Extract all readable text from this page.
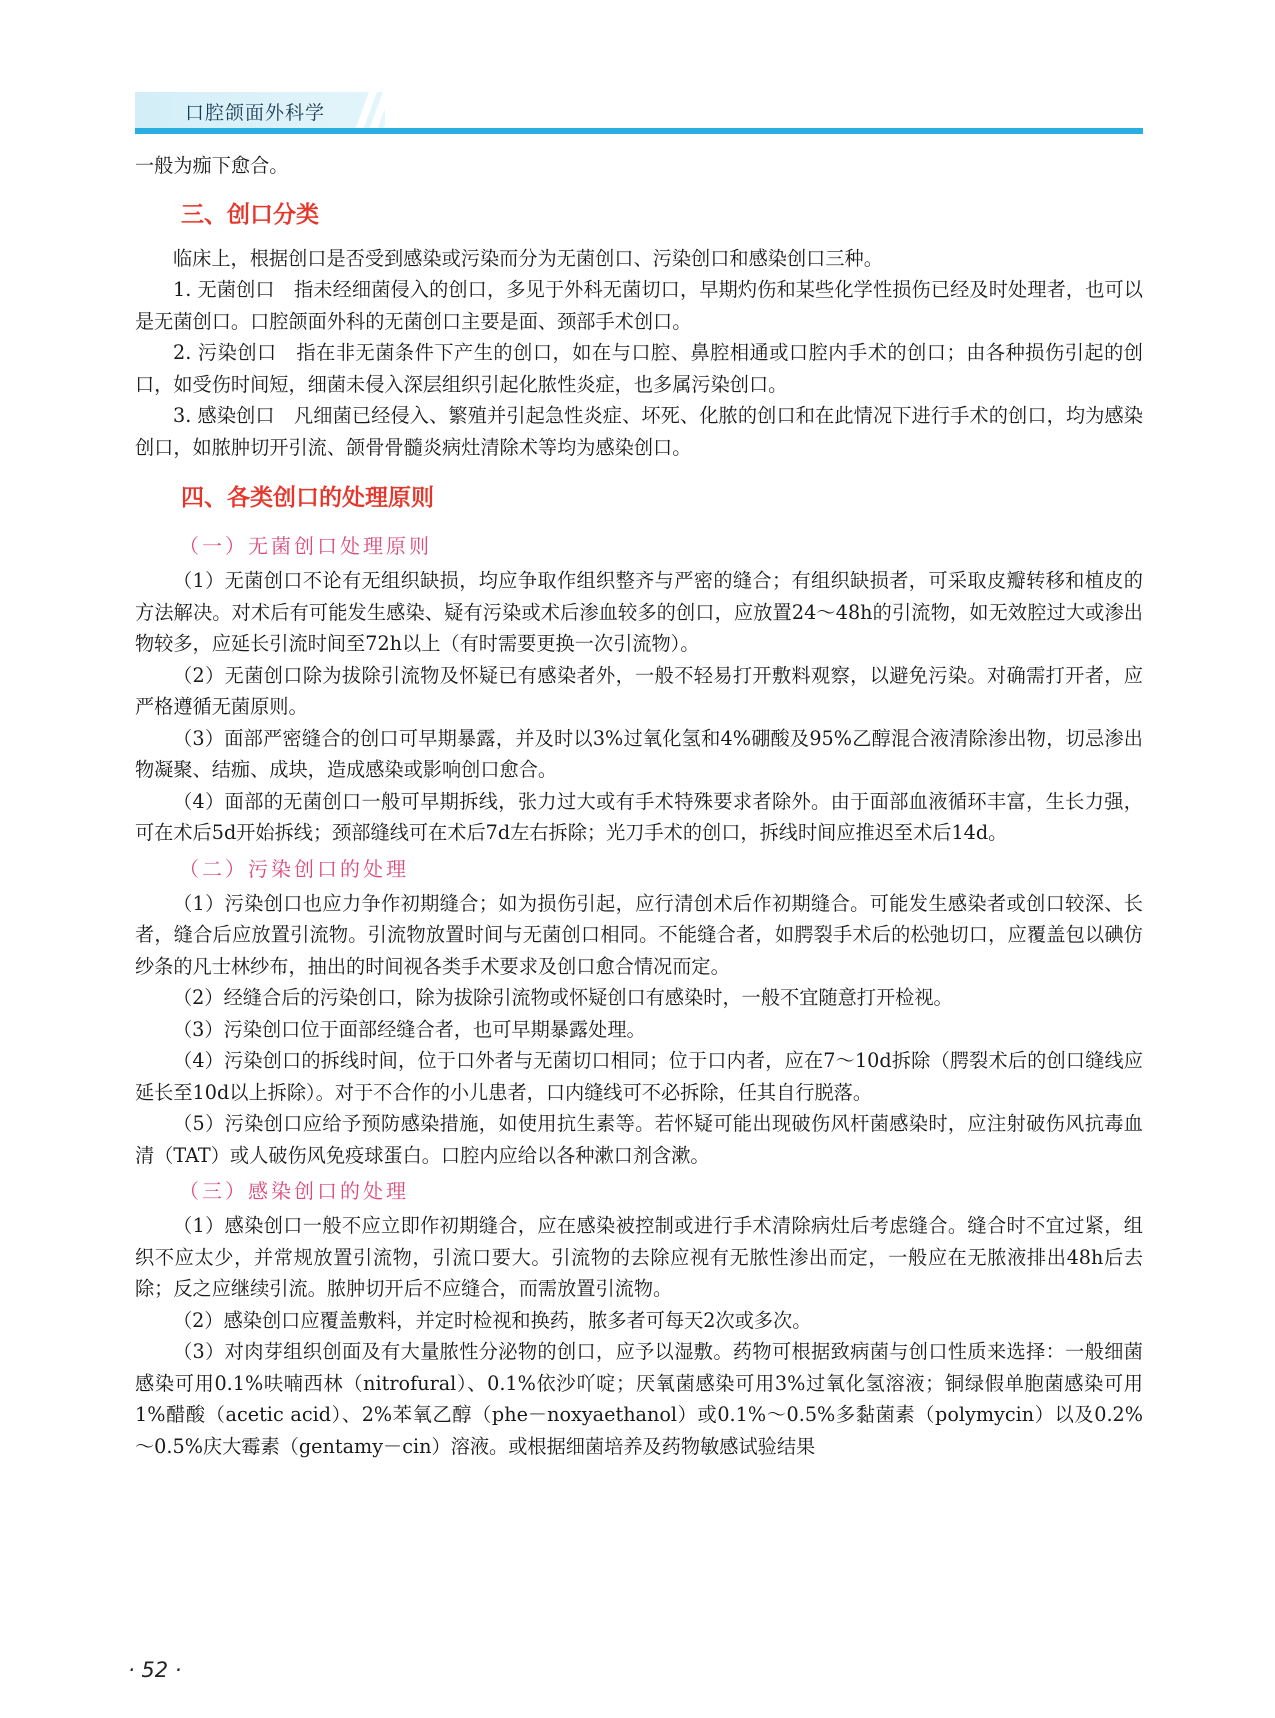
口腔颌面外科学

一般为痂下愈合。

三、创口分类

临床上，根据创口是否受到感染或污染而分为无菌创口、污染创口和感染创口三种。

1. 无菌创口　指未经细菌侵入的创口，多见于外科无菌切口，早期灼伤和某些化学性损伤已经及时处理者，也可以是无菌创口。口腔颌面外科的无菌创口主要是面、颈部手术创口。

2. 污染创口　指在非无菌条件下产生的创口，如在与口腔、鼻腔相通或口腔内手术的创口；由各种损伤引起的创口，如受伤时间短，细菌未侵入深层组织引起化脓性炎症，也多属污染创口。

3. 感染创口　凡细菌已经侵入、繁殖并引起急性炎症、坏死、化脓的创口和在此情况下进行手术的创口，均为感染创口，如脓肿切开引流、颌骨骨髓炎病灶清除术等均为感染创口。

四、各类创口的处理原则
（一）无菌创口处理原则

（1）无菌创口不论有无组织缺损，均应争取作组织整齐与严密的缝合；有组织缺损者，可采取皮瓣转移和植皮的方法解决。对术后有可能发生感染、疑有污染或术后渗血较多的创口，应放置24～48h的引流物，如无效腔过大或渗出物较多，应延长引流时间至72h以上（有时需要更换一次引流物）。

（2）无菌创口除为拔除引流物及怀疑已有感染者外，一般不轻易打开敷料观察，以避免污染。对确需打开者，应严格遵循无菌原则。

（3）面部严密缝合的创口可早期暴露，并及时以3%过氧化氢和4%硼酸及95%乙醇混合液清除渗出物，切忌渗出物凝聚、结痂、成块，造成感染或影响创口愈合。

（4）面部的无菌创口一般可早期拆线，张力过大或有手术特殊要求者除外。由于面部血液循环丰富，生长力强，可在术后5d开始拆线；颈部缝线可在术后7d左右拆除；光刀手术的创口，拆线时间应推迟至术后14d。

（二）污染创口的处理

（1）污染创口也应力争作初期缝合；如为损伤引起，应行清创术后作初期缝合。可能发生感染者或创口较深、长者，缝合后应放置引流物。引流物放置时间与无菌创口相同。不能缝合者，如腭裂手术后的松弛切口，应覆盖包以碘仿纱条的凡士林纱布，抽出的时间视各类手术要求及创口愈合情况而定。

（2）经缝合后的污染创口，除为拔除引流物或怀疑创口有感染时，一般不宜随意打开检视。

（3）污染创口位于面部经缝合者，也可早期暴露处理。

（4）污染创口的拆线时间，位于口外者与无菌切口相同；位于口内者，应在7～10d拆除（腭裂术后的创口缝线应延长至10d以上拆除）。对于不合作的小儿患者，口内缝线可不必拆除，任其自行脱落。

（5）污染创口应给予预防感染措施，如使用抗生素等。若怀疑可能出现破伤风杆菌感染时，应注射破伤风抗毒血清（TAT）或人破伤风免疫球蛋白。口腔内应给以各种漱口剂含漱。

（三）感染创口的处理

（1）感染创口一般不应立即作初期缝合，应在感染被控制或进行手术清除病灶后考虑缝合。缝合时不宜过紧，组织不应太少，并常规放置引流物，引流口要大。引流物的去除应视有无脓性渗出而定，一般应在无脓液排出48h后去除；反之应继续引流。脓肿切开后不应缝合，而需放置引流物。

（2）感染创口应覆盖敷料，并定时检视和换药，脓多者可每天2次或多次。

（3）对肉芽组织创面及有大量脓性分泌物的创口，应予以湿敷。药物可根据致病菌与创口性质来选择：一般细菌感染可用0.1%呋喃西林（nitrofural）、0.1%依沙吖啶；厌氧菌感染可用3%过氧化氢溶液；铜绿假单胞菌感染可用1%醋酸（acetic acid）、2%苯氧乙醇（phe－noxyaethanol）或0.1%～0.5%多黏菌素（polymycin）以及0.2%～0.5%庆大霉素（gentamy－cin）溶液。或根据细菌培养及药物敏感试验结果

· 52 ·
